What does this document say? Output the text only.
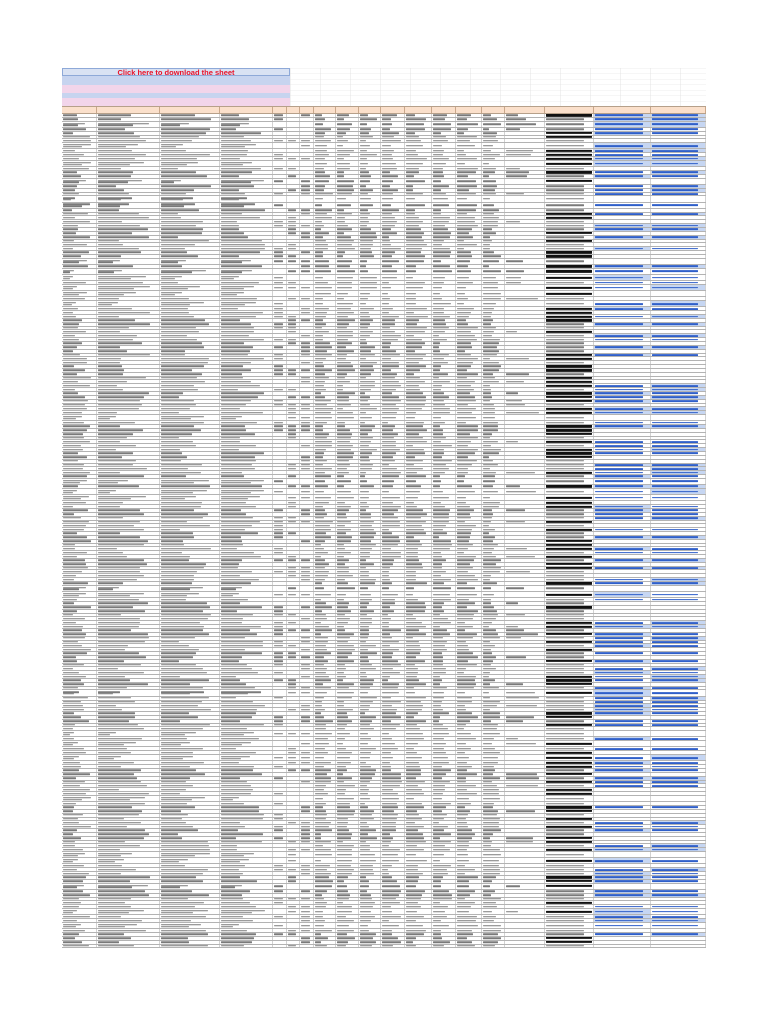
Click here to download the sheet
